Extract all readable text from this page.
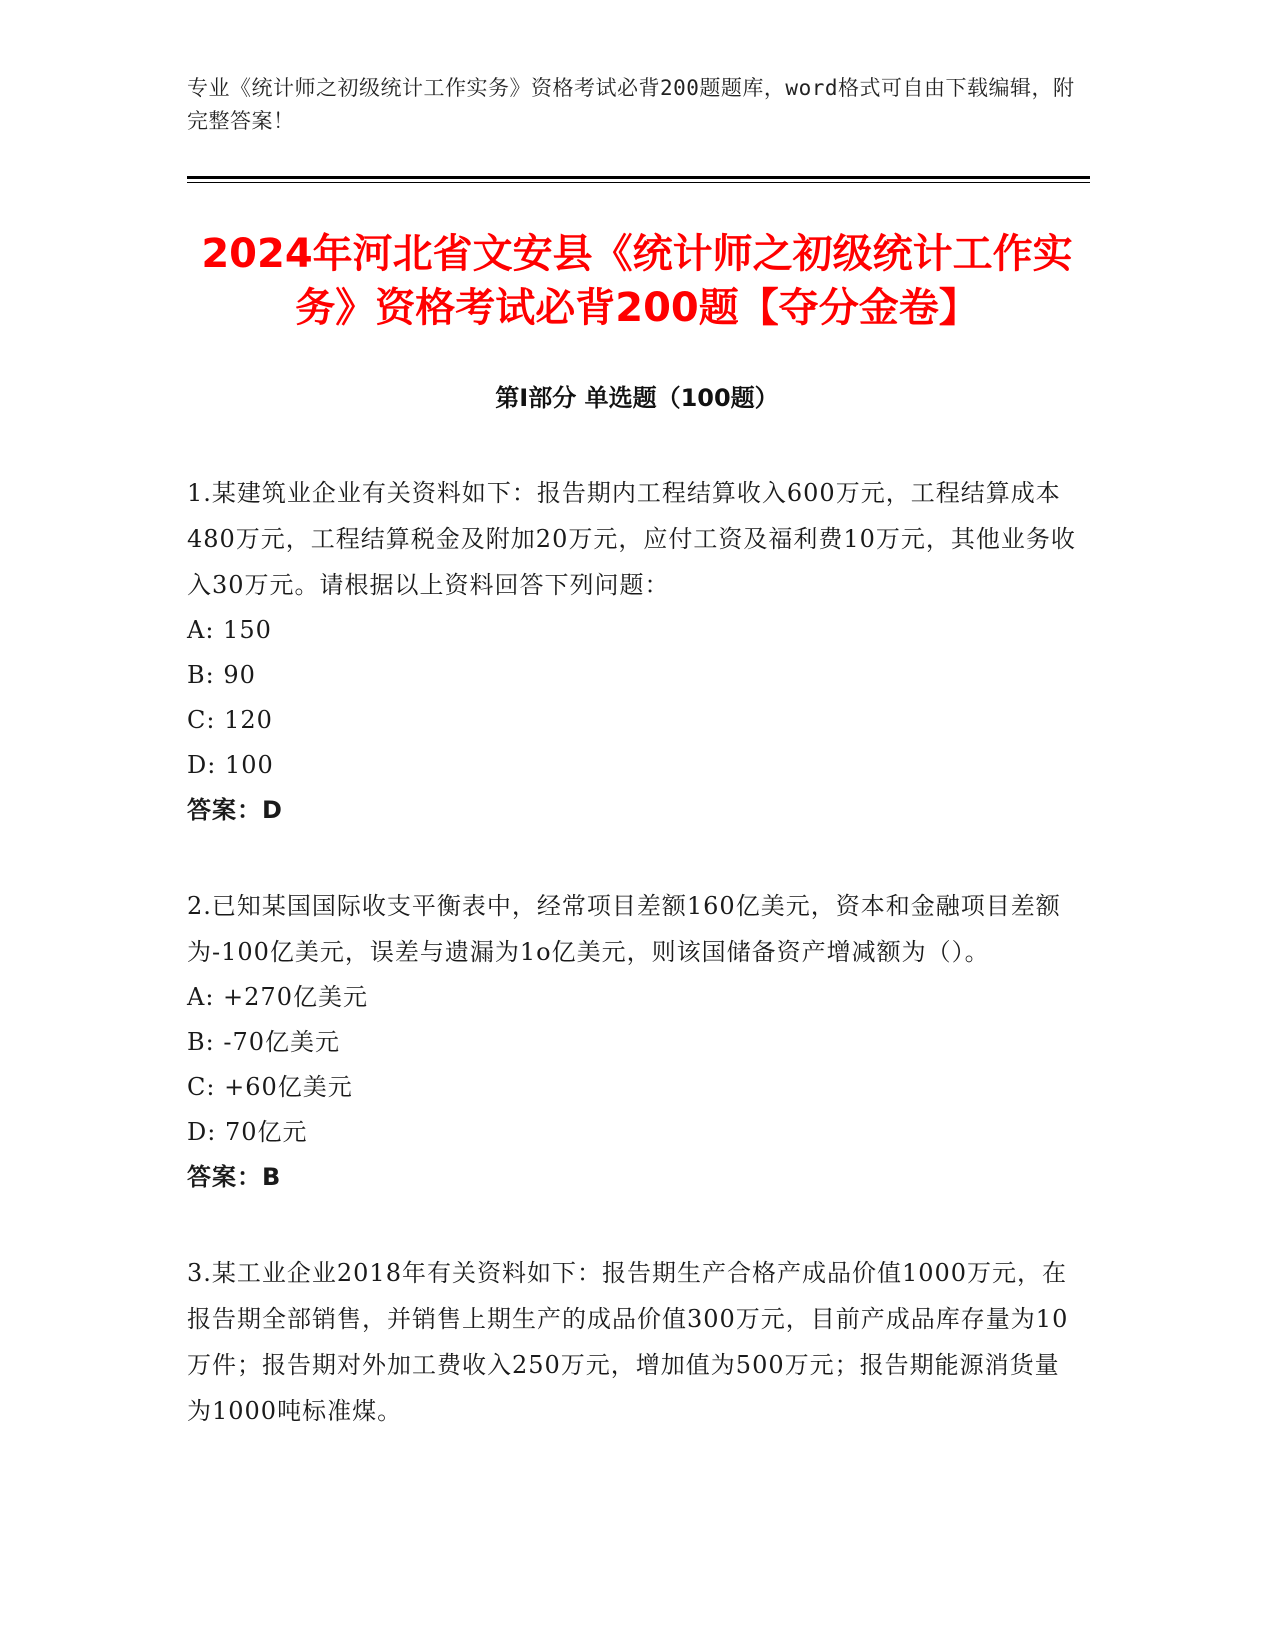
专业《统计师之初级统计工作实务》资格考试必背200题题库，word格式可自由下载编辑，附完整答案！
2024年河北省文安县《统计师之初级统计工作实务》资格考试必背200题【夺分金卷】
第Ⅰ部分 单选题（100题）
1.某建筑业企业有关资料如下：报告期内工程结算收入600万元，工程结算成本480万元，工程结算税金及附加20万元，应付工资及福利费10万元，其他业务收入30万元。请根据以上资料回答下列问题：
A: 150
B: 90
C: 120
D: 100
答案：D
2.已知某国国际收支平衡表中，经常项目差额160亿美元，资本和金融项目差额为-100亿美元，误差与遗漏为1o亿美元，则该国储备资产增减额为（）。
A: +270亿美元
B: -70亿美元
C: +60亿美元
D: 70亿元
答案：B
3.某工业企业2018年有关资料如下：报告期生产合格产成品价值1000万元，在报告期全部销售，并销售上期生产的成品价值300万元，目前产成品库存量为10万件；报告期对外加工费收入250万元，增加值为500万元；报告期能源消货量为1000吨标准煤。
